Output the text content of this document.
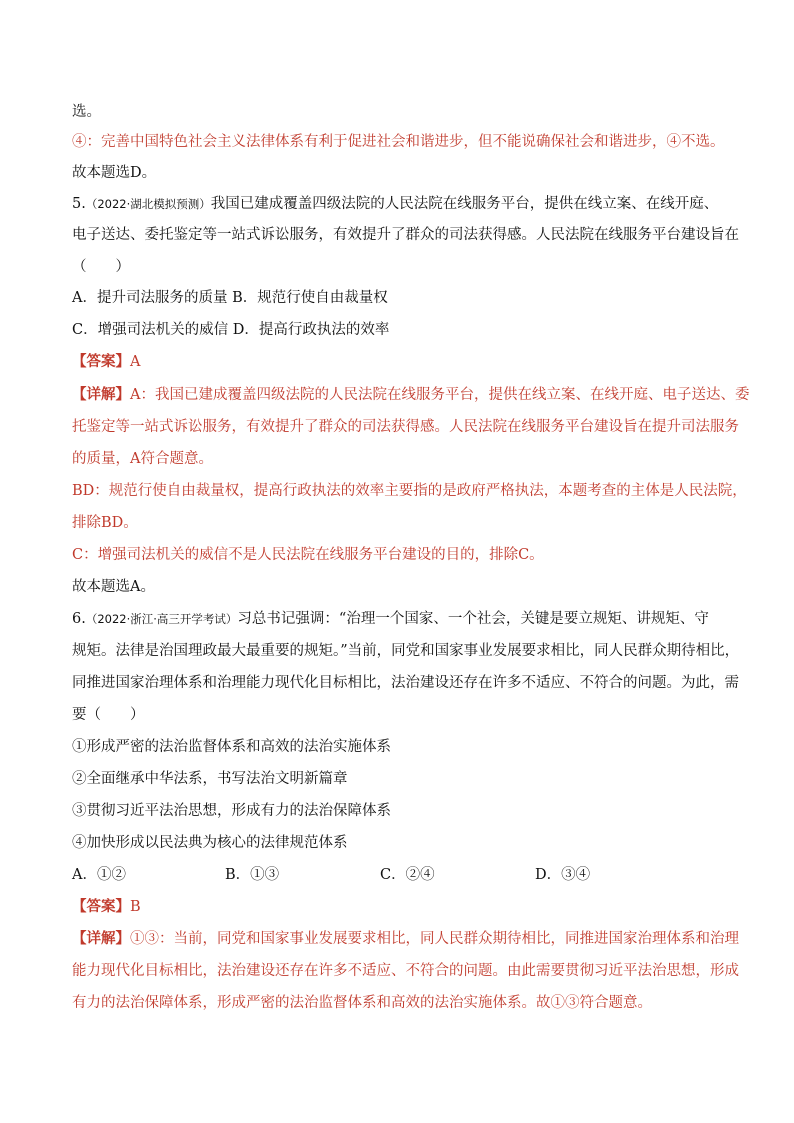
选。
④：完善中国特色社会主义法律体系有利于促进社会和谐进步，但不能说确保社会和谐进步，④不选。
故本题选D。
5.（2022·湖北模拟预测）我国已建成覆盖四级法院的人民法院在线服务平台，提供在线立案、在线开庭、
电子送达、委托鉴定等一站式诉讼服务，有效提升了群众的司法获得感。人民法院在线服务平台建设旨在
（　　）
A．提升司法服务的质量 B．规范行使自由裁量权
C．增强司法机关的威信 D．提高行政执法的效率
【答案】A
【详解】A：我国已建成覆盖四级法院的人民法院在线服务平台，提供在线立案、在线开庭、电子送达、委
托鉴定等一站式诉讼服务，有效提升了群众的司法获得感。人民法院在线服务平台建设旨在提升司法服务
的质量，A符合题意。
BD：规范行使自由裁量权，提高行政执法的效率主要指的是政府严格执法，本题考查的主体是人民法院，
排除BD。
C：增强司法机关的威信不是人民法院在线服务平台建设的目的，排除C。
故本题选A。
6.（2022·浙江·高三开学考试）习总书记强调：“治理一个国家、一个社会，关键是要立规矩、讲规矩、守
规矩。法律是治国理政最大最重要的规矩。”当前，同党和国家事业发展要求相比，同人民群众期待相比，
同推进国家治理体系和治理能力现代化目标相比，法治建设还存在许多不适应、不符合的问题。为此，需
要（　　）
①形成严密的法治监督体系和高效的法治实施体系
②全面继承中华法系，书写法治文明新篇章
③贯彻习近平法治思想，形成有力的法治保障体系
④加快形成以民法典为核心的法律规范体系
A．①②	B．①③	C．②④	D．③④
【答案】B
【详解】①③：当前，同党和国家事业发展要求相比，同人民群众期待相比，同推进国家治理体系和治理
能力现代化目标相比，法治建设还存在许多不适应、不符合的问题。由此需要贯彻习近平法治思想，形成
有力的法治保障体系，形成严密的法治监督体系和高效的法治实施体系。故①③符合题意。
